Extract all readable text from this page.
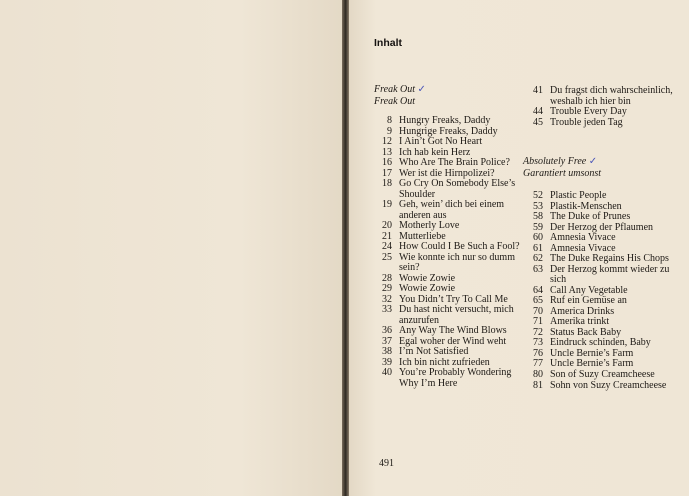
Inhalt
Freak Out ✓
Freak Out
8 Hungry Freaks, Daddy
9 Hungrige Freaks, Daddy
12 I Ain’t Got No Heart
13 Ich hab kein Herz
16 Who Are The Brain Police?
17 Wer ist die Hirnpolizei?
18 Go Cry On Somebody Else’s Shoulder
19 Geh, wein’ dich bei einem anderen aus
20 Motherly Love
21 Mutterliebe
24 How Could I Be Such a Fool?
25 Wie konnte ich nur so dumm sein?
28 Wowie Zowie
29 Wowie Zowie
32 You Didn’t Try To Call Me
33 Du hast nicht versucht, mich anzurufen
36 Any Way The Wind Blows
37 Egal woher der Wind weht
38 I’m Not Satisfied
39 Ich bin nicht zufrieden
40 You’re Probably Wondering Why I’m Here
41 Du fragst dich wahrscheinlich, weshalb ich hier bin
44 Trouble Every Day
45 Trouble jeden Tag
Absolutely Free ✓
Garantiert umsonst
52 Plastic People
53 Plastik-Menschen
58 The Duke of Prunes
59 Der Herzog der Pflaumen
60 Amnesia Vivace
61 Amnesia Vivace
62 The Duke Regains His Chops
63 Der Herzog kommt wieder zu sich
64 Call Any Vegetable
65 Ruf ein Gemüse an
70 America Drinks
71 Amerika trinkt
72 Status Back Baby
73 Eindruck schinden, Baby
76 Uncle Bernie’s Farm
77 Uncle Bernie’s Farm
80 Son of Suzy Creamcheese
81 Sohn von Suzy Creamcheese
491
